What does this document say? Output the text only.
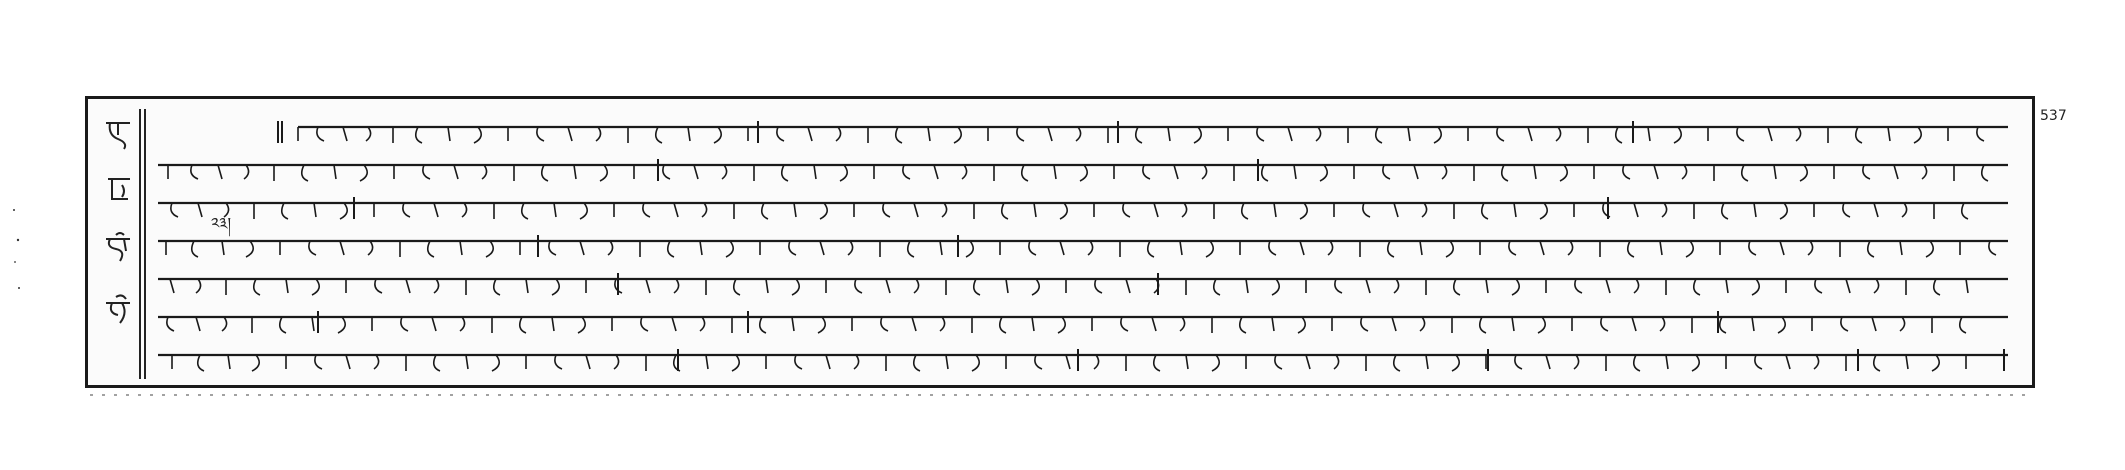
༢༣།
537
